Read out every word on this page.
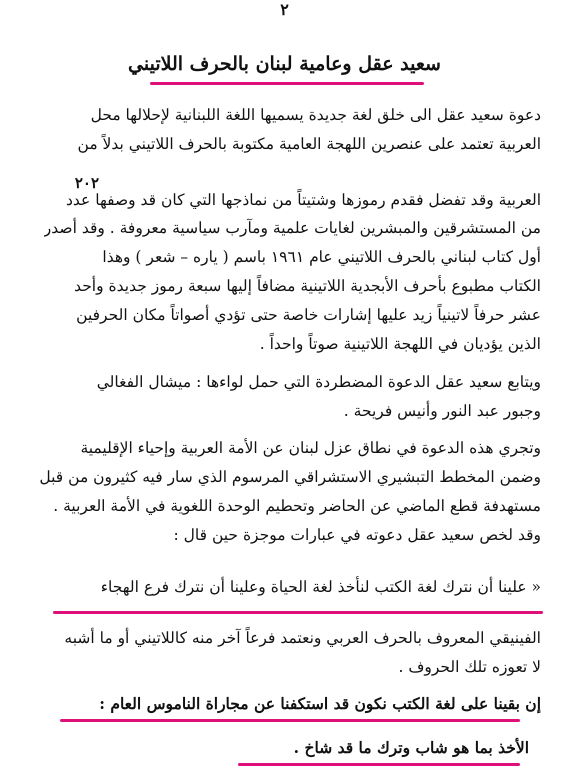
٢
سعيد عقل وعامية لبنان بالحرف اللاتيني
دعوة سعيد عقل الى خلق لغة جديدة يسميها اللغة اللبنانية لإحلالها محل
العربية تعتمد على عنصرين اللهجة العامية مكتوبة بالحرف اللاتيني بدلاً من
٢٠٢
العربية وقد تفضل فقدم رموزها وشتيتاً من نماذجها التي كان قد وصفها عدد
من المستشرقين والمبشرين لغايات علمية ومآرب سياسية معروفة . وقد أصدر
أول كتاب لبناني بالحرف اللاتيني عام ١٩٦١ باسم ( ياره – شعر ) وهذا
الكتاب مطبوع بأحرف الأبجدية اللاتينية مضافاً إليها سبعة رموز جديدة وأحد
عشر حرفاً لاتينياً زيد عليها إشارات خاصة حتى تؤدي أصواتاً مكان الحرفين
الذين يؤديان في اللهجة اللاتينية صوتاً واحداً .
ويتابع سعيد عقل الدعوة المضطردة التي حمل لواءها : ميشال الفغالي
وجبور عبد النور وأنيس فريحة .
وتجري هذه الدعوة في نطاق عزل لبنان عن الأمة العربية وإحياء الإقليمية
وضمن المخطط التبشيري الاستشراقي المرسوم الذي سار فيه كثيرون من قبل
مستهدفة قطع الماضي عن الحاضر وتحطيم الوحدة اللغوية في الأمة العربية .
وقد لخص سعيد عقل دعوته في عبارات موجزة حين قال :
« علينا أن نترك لغة الكتب لنأخذ لغة الحياة وعلينا أن نترك فرع الهجاء
الفينيقي المعروف بالحرف العربي ونعتمد فرعاً آخر منه كاللاتيني أو ما أشبه
لا تعوزه تلك الحروف .
إن بقينا على لغة الكتب نكون قد استكفنا عن مجاراة الناموس العام :
الأخذ بما هو شاب وترك ما قد شاخ .
